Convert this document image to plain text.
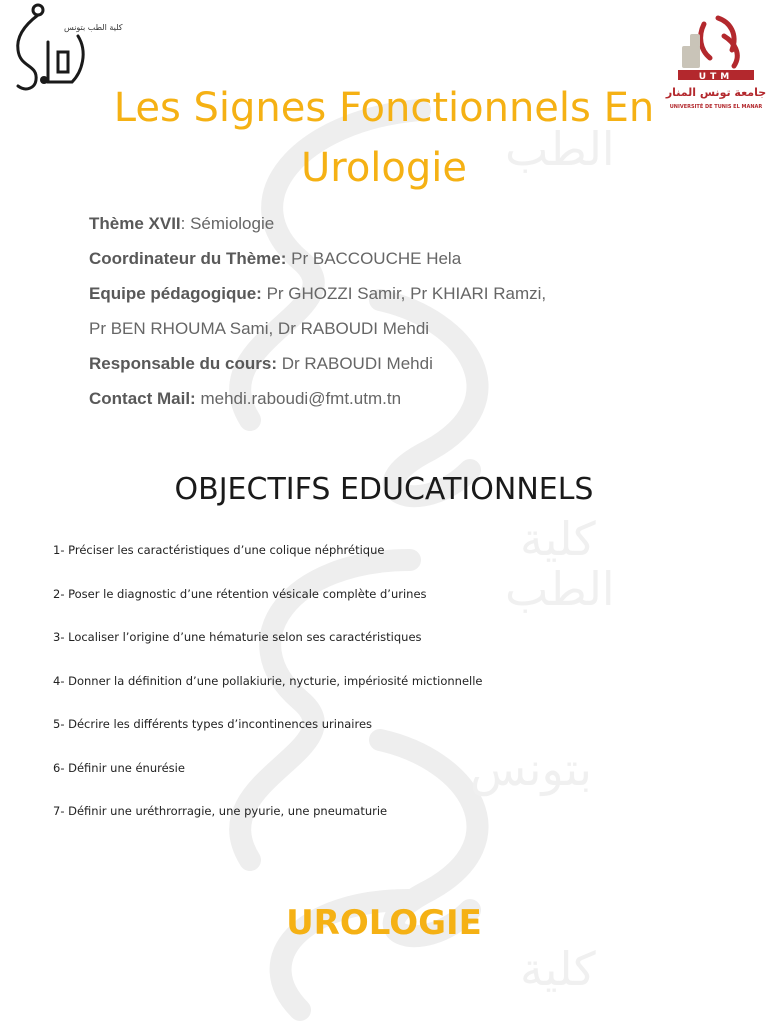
الطب
كلية
الطب
بتونس
كلية
كلية الطب بتونس
UTM
جامعة تونس المنار
UNIVERSITÉ DE TUNIS EL MANAR
Les Signes Fonctionnels En
Urologie
Thème XVII: Sémiologie
Coordinateur du Thème: Pr BACCOUCHE Hela
Equipe pédagogique: Pr GHOZZI Samir, Pr KHIARI Ramzi,
Pr BEN RHOUMA Sami, Dr RABOUDI Mehdi
Responsable du cours: Dr RABOUDI Mehdi
Contact Mail: mehdi.raboudi@fmt.utm.tn
OBJECTIFS EDUCATIONNELS
1- Préciser les caractéristiques d’une colique néphrétique
2- Poser le diagnostic d’une rétention vésicale complète d’urines
3- Localiser l’origine d’une hématurie selon ses caractéristiques
4- Donner la définition d’une pollakiurie, nycturie, impériosité mictionnelle
5- Décrire les différents types d’incontinences urinaires
6- Définir une énurésie
7- Définir une uréthrorragie, une pyurie, une pneumaturie
UROLOGIE
